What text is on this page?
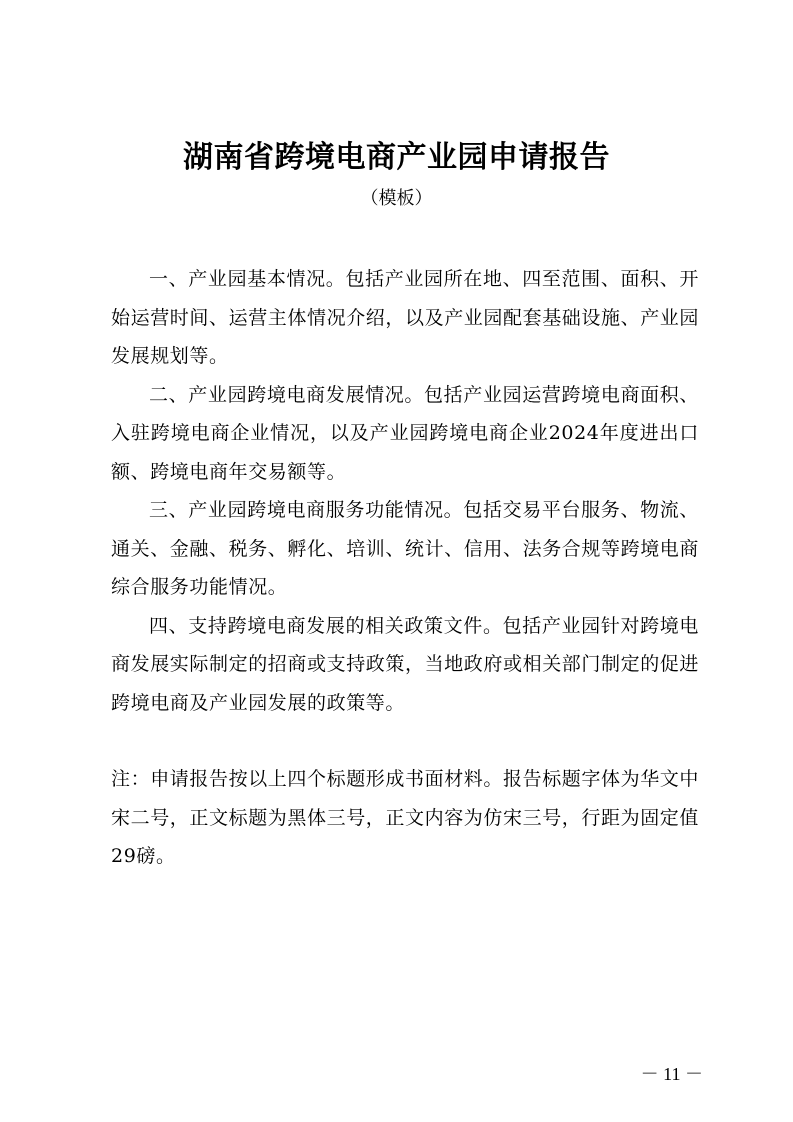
湖南省跨境电商产业园申请报告
（模板）

一、产业园基本情况。包括产业园所在地、四至范围、面积、开始运营时间、运营主体情况介绍，以及产业园配套基础设施、产业园发展规划等。

二、产业园跨境电商发展情况。包括产业园运营跨境电商面积、入驻跨境电商企业情况，以及产业园跨境电商企业2024年度进出口额、跨境电商年交易额等。

三、产业园跨境电商服务功能情况。包括交易平台服务、物流、通关、金融、税务、孵化、培训、统计、信用、法务合规等跨境电商综合服务功能情况。

四、支持跨境电商发展的相关政策文件。包括产业园针对跨境电商发展实际制定的招商或支持政策，当地政府或相关部门制定的促进跨境电商及产业园发展的政策等。

注：申请报告按以上四个标题形成书面材料。报告标题字体为华文中宋二号，正文标题为黑体三号，正文内容为仿宋三号，行距为固定值29磅。

－ 11 －
